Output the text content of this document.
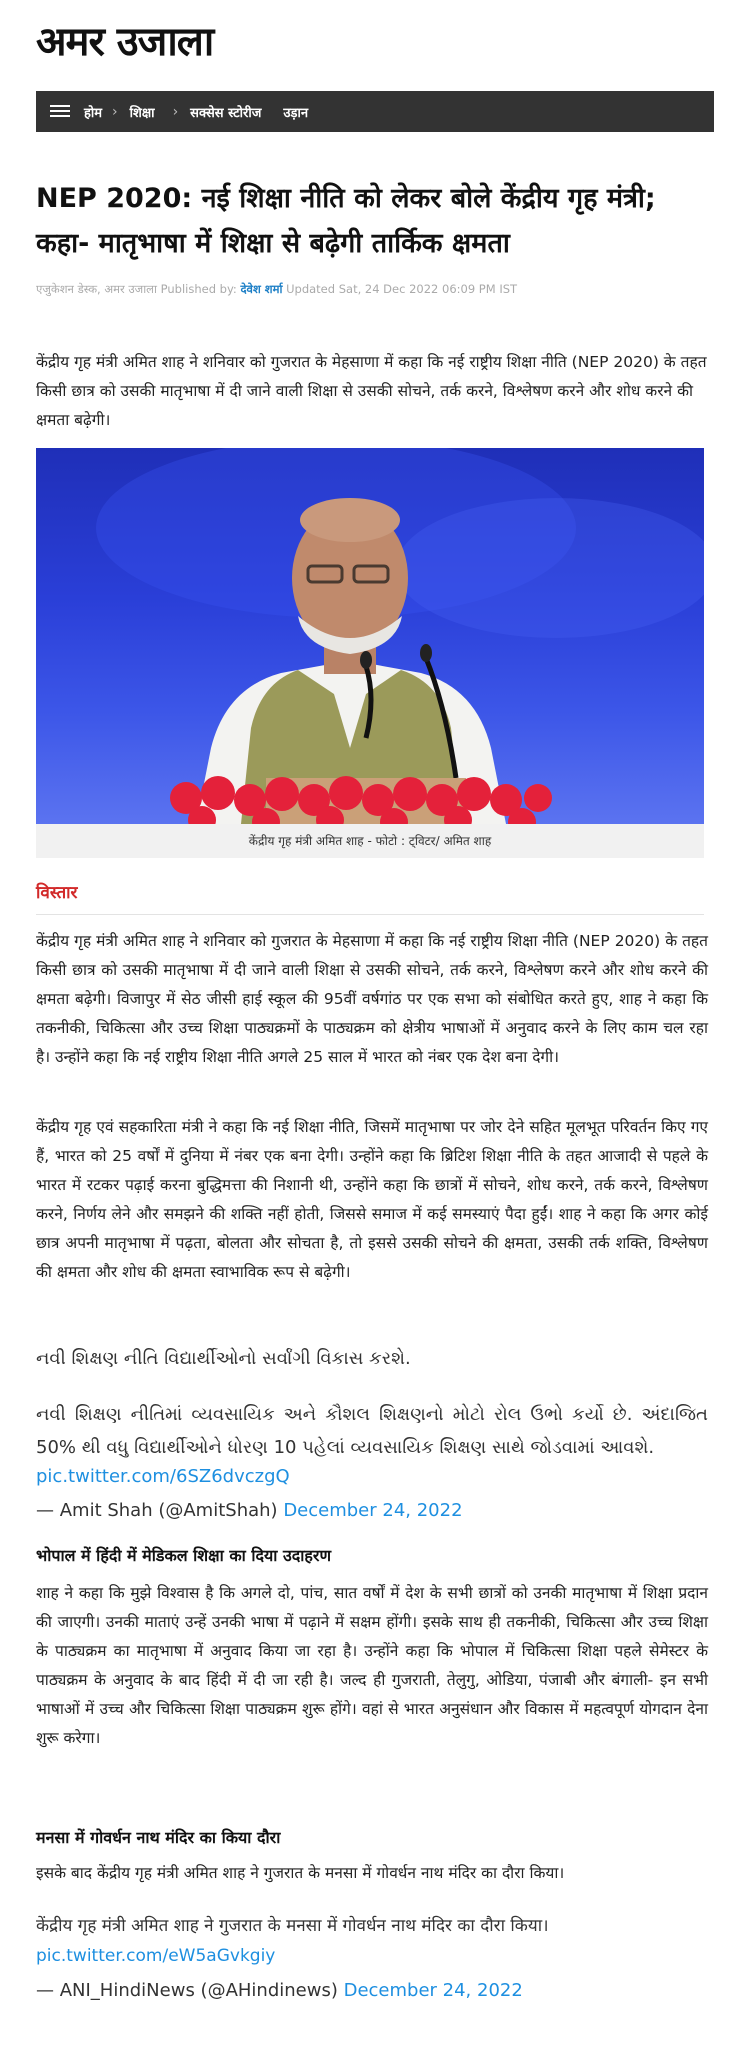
अमर उजाला
होम › शिक्षा › सक्सेस स्टोरीज उड़ान
NEP 2020: नई शिक्षा नीति को लेकर बोले केंद्रीय गृह मंत्री; कहा- मातृभाषा में शिक्षा से बढ़ेगी तार्किक क्षमता
एजुकेशन डेस्क, अमर उजाला Published by: देवेश शर्मा Updated Sat, 24 Dec 2022 06:09 PM IST

केंद्रीय गृह मंत्री अमित शाह ने शनिवार को गुजरात के मेहसाणा में कहा कि नई राष्ट्रीय शिक्षा नीति (NEP 2020) के तहत किसी छात्र को उसकी मातृभाषा में दी जाने वाली शिक्षा से उसकी सोचने, तर्क करने, विश्लेषण करने और शोध करने की क्षमता बढ़ेगी।

केंद्रीय गृह मंत्री अमित शाह - फोटो : ट्विटर/ अमित शाह
विस्तार

केंद्रीय गृह मंत्री अमित शाह ने शनिवार को गुजरात के मेहसाणा में कहा कि नई राष्ट्रीय शिक्षा नीति (NEP 2020) के तहत किसी छात्र को उसकी मातृभाषा में दी जाने वाली शिक्षा से उसकी सोचने, तर्क करने, विश्लेषण करने और शोध करने की क्षमता बढ़ेगी। विजापुर में सेठ जीसी हाई स्कूल की 95वीं वर्षगांठ पर एक सभा को संबोधित करते हुए, शाह ने कहा कि तकनीकी, चिकित्सा और उच्च शिक्षा पाठ्यक्रमों के पाठ्यक्रम को क्षेत्रीय भाषाओं में अनुवाद करने के लिए काम चल रहा है। उन्होंने कहा कि नई राष्ट्रीय शिक्षा नीति अगले 25 साल में भारत को नंबर एक देश बना देगी।

केंद्रीय गृह एवं सहकारिता मंत्री ने कहा कि नई शिक्षा नीति, जिसमें मातृभाषा पर जोर देने सहित मूलभूत परिवर्तन किए गए हैं, भारत को 25 वर्षों में दुनिया में नंबर एक बना देगी। उन्होंने कहा कि ब्रिटिश शिक्षा नीति के तहत आजादी से पहले के भारत में रटकर पढ़ाई करना बुद्धिमत्ता की निशानी थी, उन्होंने कहा कि छात्रों में सोचने, शोध करने, तर्क करने, विश्लेषण करने, निर्णय लेने और समझने की शक्ति नहीं होती, जिससे समाज में कई समस्याएं पैदा हुईं। शाह ने कहा कि अगर कोई छात्र अपनी मातृभाषा में पढ़ता, बोलता और सोचता है, तो इससे उसकी सोचने की क्षमता, उसकी तर्क शक्ति, विश्लेषण की क्षमता और शोध की क्षमता स्वाभाविक रूप से बढ़ेगी।

નવી શિક્ષણ નીતિ વિદ્યાર્થીઓનો સર્વાંગી વિકાસ કરશે.
નવી શિક્ષણ નીતિમાં વ્યવસાયિક અને કૌશલ શિક્ષણનો મોટો રોલ ઉભો કર્યો છે. અંદાજિત 50% થી વધુ વિદ્યાર્થીઓને ધોરણ 10 પહેલાં વ્યવસાયિક શિક્ષણ સાથે જોડવામાં આવશે.
pic.twitter.com/6SZ6dvczgQ
— Amit Shah (@AmitShah) December 24, 2022
भोपाल में हिंदी में मेडिकल शिक्षा का दिया उदाहरण

शाह ने कहा कि मुझे विश्वास है कि अगले दो, पांच, सात वर्षों में देश के सभी छात्रों को उनकी मातृभाषा में शिक्षा प्रदान की जाएगी। उनकी माताएं उन्हें उनकी भाषा में पढ़ाने में सक्षम होंगी। इसके साथ ही तकनीकी, चिकित्सा और उच्च शिक्षा के पाठ्यक्रम का मातृभाषा में अनुवाद किया जा रहा है। उन्होंने कहा कि भोपाल में चिकित्सा शिक्षा पहले सेमेस्टर के पाठ्यक्रम के अनुवाद के बाद हिंदी में दी जा रही है। जल्द ही गुजराती, तेलुगु, ओडिया, पंजाबी और बंगाली- इन सभी भाषाओं में उच्च और चिकित्सा शिक्षा पाठ्यक्रम शुरू होंगे। वहां से भारत अनुसंधान और विकास में महत्वपूर्ण योगदान देना शुरू करेगा।

मनसा में गोवर्धन नाथ मंदिर का किया दौरा

इसके बाद केंद्रीय गृह मंत्री अमित शाह ने गुजरात के मनसा में गोवर्धन नाथ मंदिर का दौरा किया।

केंद्रीय गृह मंत्री अमित शाह ने गुजरात के मनसा में गोवर्धन नाथ मंदिर का दौरा किया।
pic.twitter.com/eW5aGvkgiy
— ANI_HindiNews (@AHindinews) December 24, 2022
